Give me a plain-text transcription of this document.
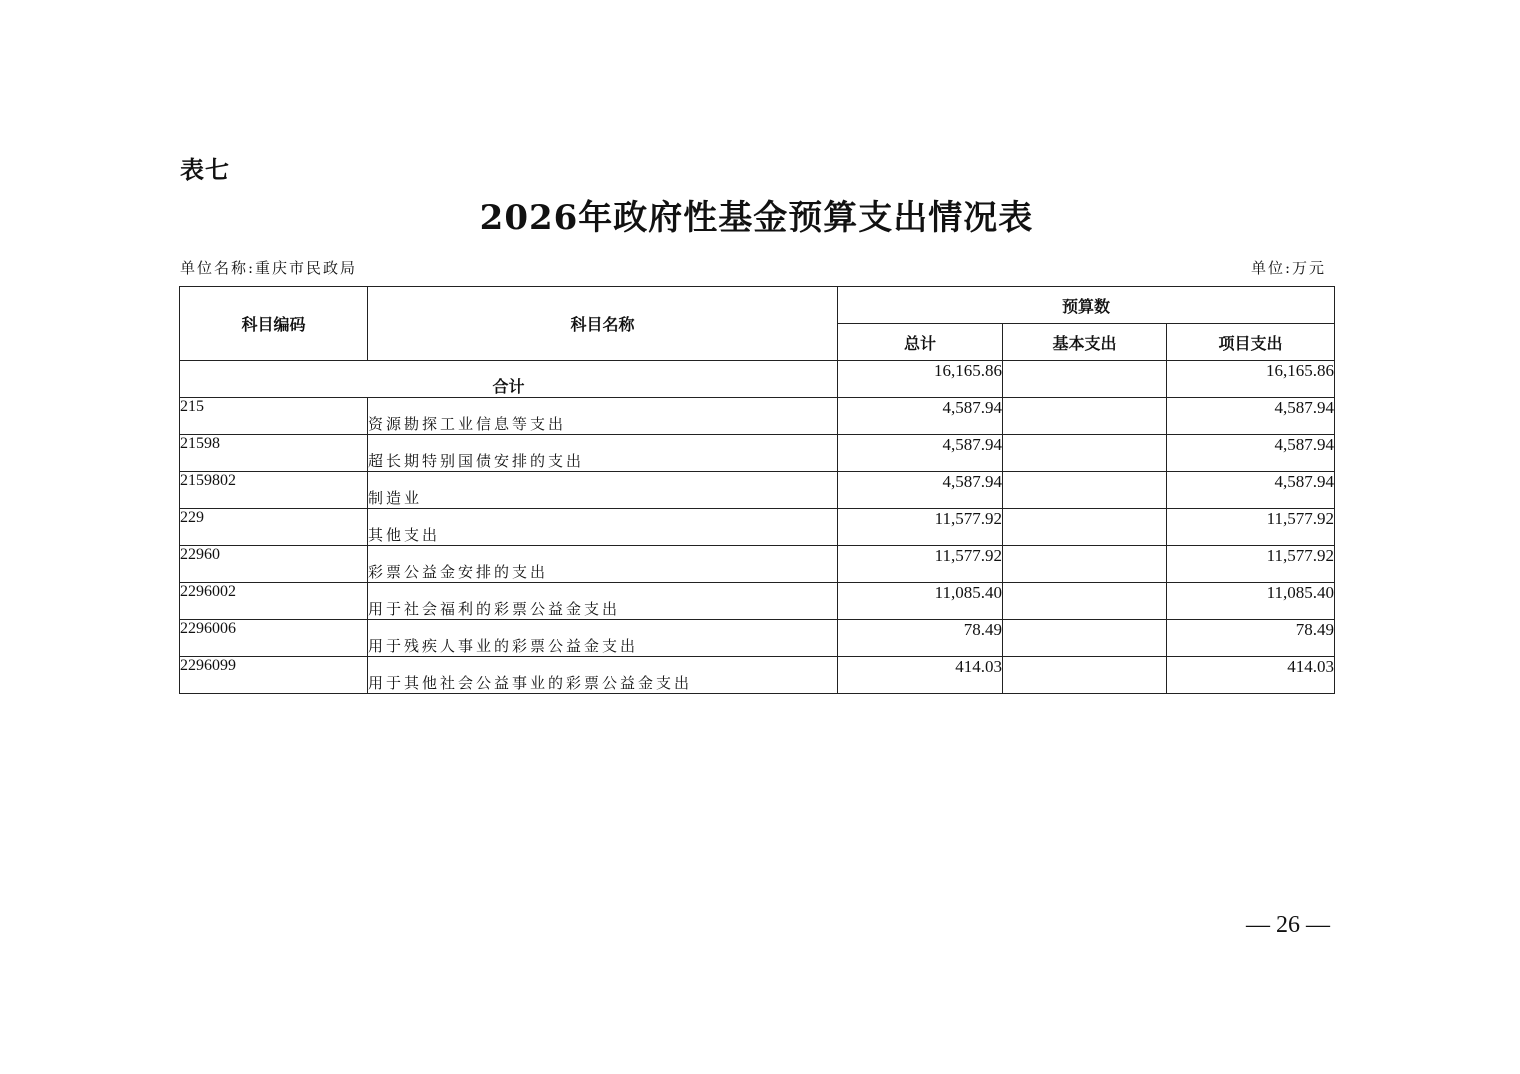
表七
2026年政府性基金预算支出情况表
单位名称:重庆市民政局	单位:万元
科目编码	科目名称	预算数		
		总计	基本支出	项目支出
合计		16,165.86		16,165.86
215	资源勘探工业信息等支出	4,587.94		4,587.94
21598	超长期特别国债安排的支出	4,587.94		4,587.94
2159802	制造业	4,587.94		4,587.94
229	其他支出	11,577.92		11,577.92
22960	彩票公益金安排的支出	11,577.92		11,577.92
2296002	用于社会福利的彩票公益金支出	11,085.40		11,085.40
2296006	用于残疾人事业的彩票公益金支出	78.49		78.49
2296099	用于其他社会公益事业的彩票公益金支出	414.03		414.03
— 26 —
